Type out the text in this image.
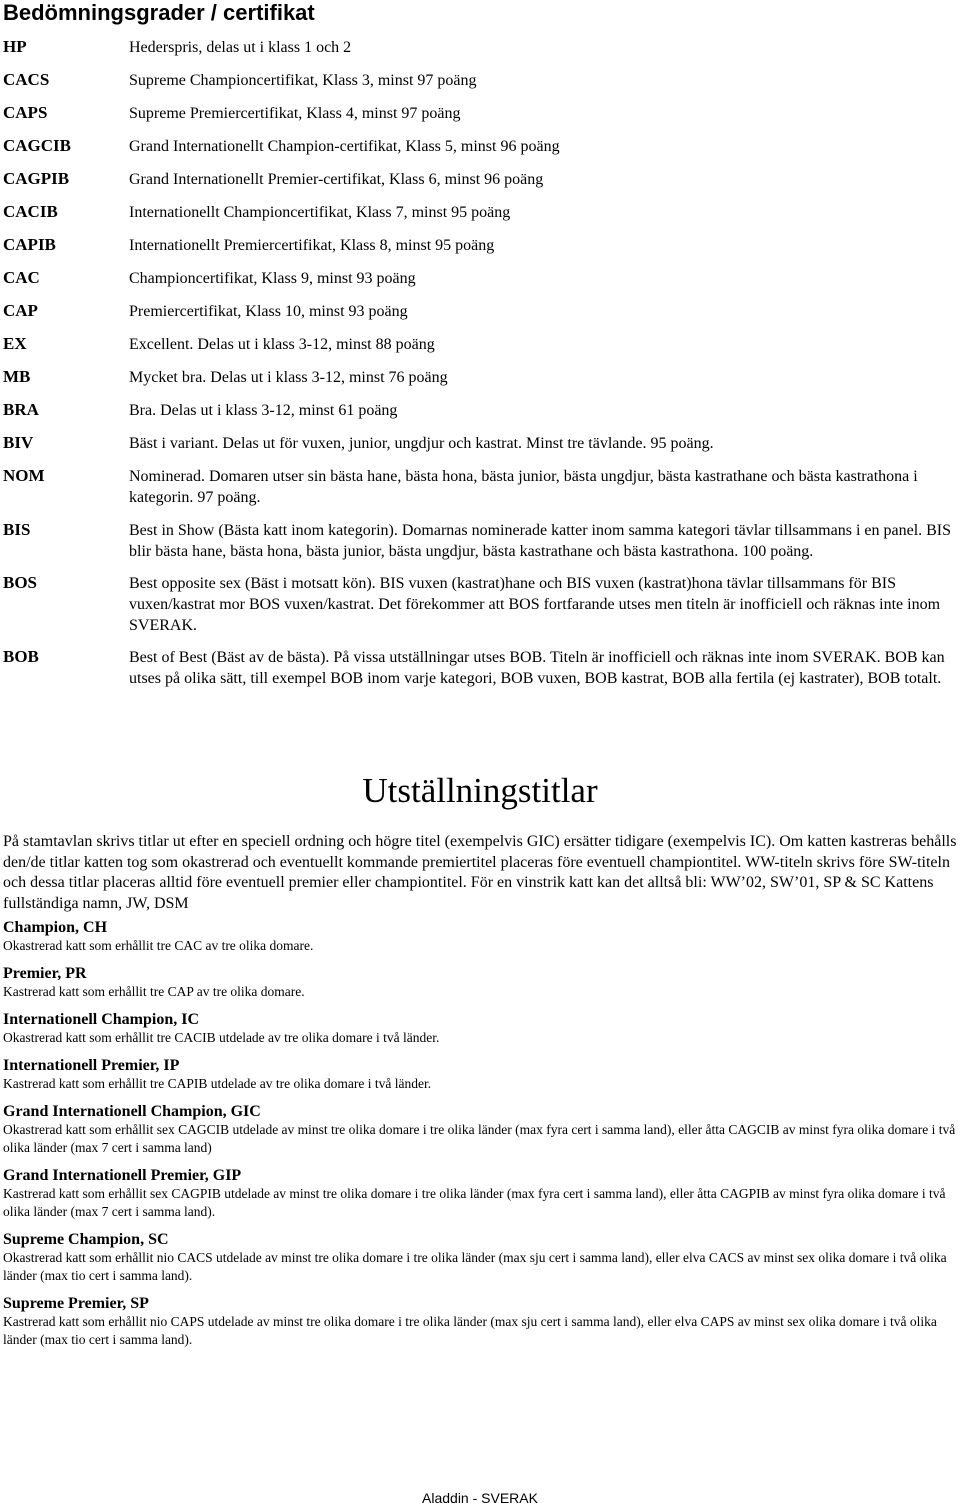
Bedömningsgrader / certifikat
HP	Hederspris, delas ut i klass 1 och 2
CACS	Supreme Championcertifikat, Klass 3, minst 97 poäng
CAPS	Supreme Premiercertifikat, Klass 4, minst 97 poäng
CAGCIB	Grand Internationellt Champion-certifikat, Klass 5, minst 96 poäng
CAGPIB	Grand Internationellt Premier-certifikat, Klass 6, minst 96 poäng
CACIB	Internationellt Championcertifikat, Klass 7, minst 95 poäng
CAPIB	Internationellt Premiercertifikat, Klass 8, minst 95 poäng
CAC	Championcertifikat, Klass 9, minst 93 poäng
CAP	Premiercertifikat, Klass 10, minst 93 poäng
EX	Excellent. Delas ut i klass 3-12, minst 88 poäng
MB	Mycket bra. Delas ut i klass 3-12, minst 76 poäng
BRA	Bra. Delas ut i klass 3-12, minst 61 poäng
BIV	Bäst i variant. Delas ut för vuxen, junior, ungdjur och kastrat. Minst tre tävlande. 95 poäng.
NOM	Nominerad. Domaren utser sin bästa hane, bästa hona, bästa junior, bästa ungdjur, bästa kastrathane och bästa kastrathona i kategorin. 97 poäng.
BIS	Best in Show (Bästa katt inom kategorin). Domarnas nominerade katter inom samma kategori tävlar tillsammans i en panel. BIS blir bästa hane, bästa hona, bästa junior, bästa ungdjur, bästa kastrathane och bästa kastrathona. 100 poäng.
BOS	Best opposite sex (Bäst i motsatt kön). BIS vuxen (kastrat)hane och BIS vuxen (kastrat)hona tävlar tillsammans för BIS vuxen/kastrat mor BOS vuxen/kastrat. Det förekommer att BOS fortfarande utses men titeln är inofficiell och räknas inte inom SVERAK.
BOB	Best of Best (Bäst av de bästa). På vissa utställningar utses BOB. Titeln är inofficiell och räknas inte inom SVERAK. BOB kan utses på olika sätt, till exempel BOB inom varje kategori, BOB vuxen, BOB kastrat, BOB alla fertila (ej kastrater), BOB totalt.
Utställningstitlar
På stamtavlan skrivs titlar ut efter en speciell ordning och högre titel (exempelvis GIC) ersätter tidigare (exempelvis IC). Om katten kastreras behålls den/de titlar katten tog som okastrerad och eventuellt kommande premiertitel placeras före eventuell championtitel. WW-titeln skrivs före SW-titeln och dessa titlar placeras alltid före eventuell premier eller championtitel. För en vinstrik katt kan det alltså bli: WW’02, SW’01, SP & SC Kattens fullständiga namn, JW, DSM
Champion, CH
Okastrerad katt som erhållit tre CAC av tre olika domare.
Premier, PR
Kastrerad katt som erhållit tre CAP av tre olika domare.
Internationell Champion, IC
Okastrerad katt som erhållit tre CACIB utdelade av tre olika domare i två länder.
Internationell Premier, IP
Kastrerad katt som erhållit tre CAPIB utdelade av tre olika domare i två länder.
Grand Internationell Champion, GIC
Okastrerad katt som erhållit sex CAGCIB utdelade av minst tre olika domare i tre olika länder (max fyra cert i samma land), eller åtta CAGCIB av minst fyra olika domare i två olika länder (max 7 cert i samma land)
Grand Internationell Premier, GIP
Kastrerad katt som erhållit sex CAGPIB utdelade av minst tre olika domare i tre olika länder (max fyra cert i samma land), eller åtta CAGPIB av minst fyra olika domare i två olika länder (max 7 cert i samma land).
Supreme Champion, SC
Okastrerad katt som erhållit nio CACS utdelade av minst tre olika domare i tre olika länder (max sju cert i samma land), eller elva CACS av minst sex olika domare i två olika länder (max tio cert i samma land).
Supreme Premier, SP
Kastrerad katt som erhållit nio CAPS utdelade av minst tre olika domare i tre olika länder (max sju cert i samma land), eller elva CAPS av minst sex olika domare i två olika länder (max tio cert i samma land).
Aladdin - SVERAK
